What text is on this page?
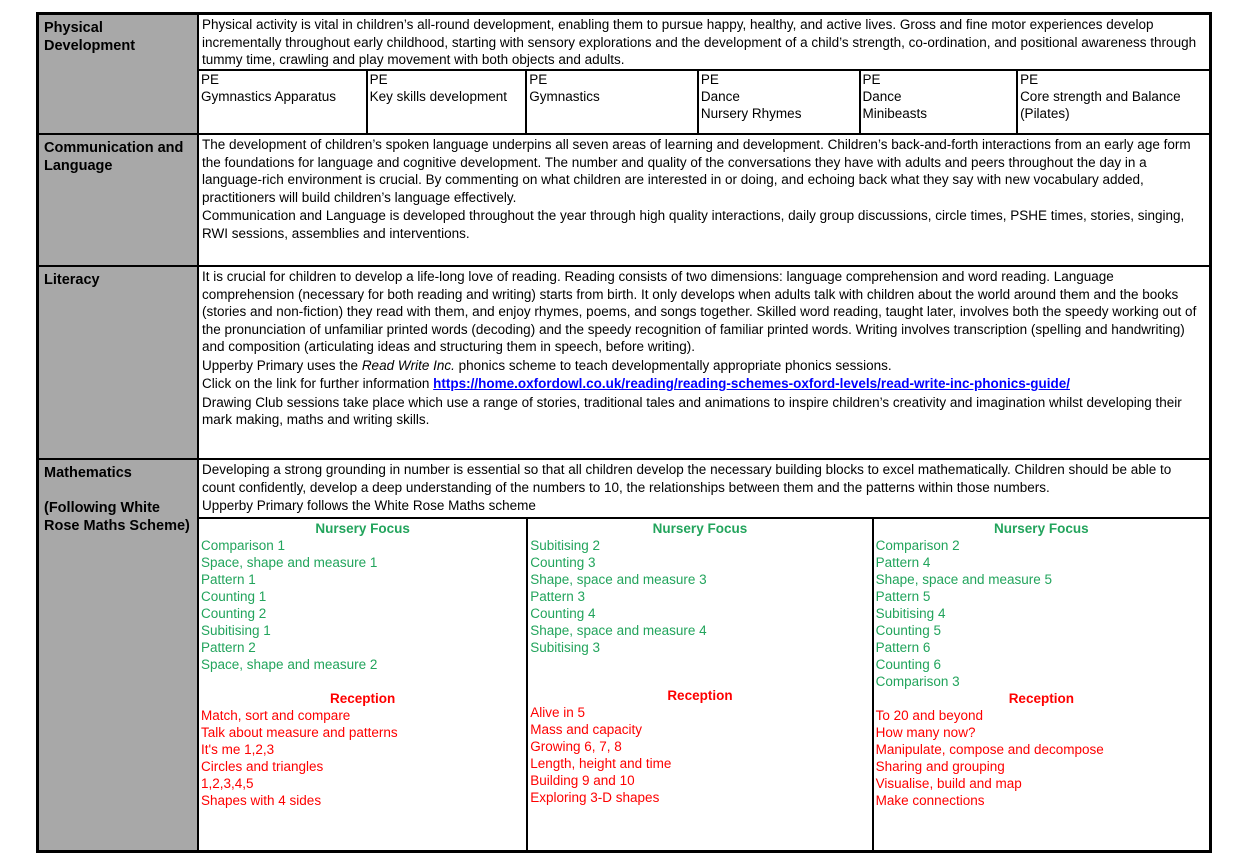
Physical Development
Physical activity is vital in children’s all-round development, enabling them to pursue happy, healthy, and active lives. Gross and fine motor experiences develop incrementally throughout early childhood, starting with sensory explorations and the development of a child’s strength, co-ordination, and positional awareness through tummy time, crawling and play movement with both objects and adults.
PE
Gymnastics Apparatus
PE
Key skills development
PE
Gymnastics
PE
Dance
Nursery Rhymes
PE
Dance
Minibeasts
PE
Core strength and Balance (Pilates)
Communication and Language
The development of children’s spoken language underpins all seven areas of learning and development. Children’s back-and-forth interactions from an early age form the foundations for language and cognitive development. The number and quality of the conversations they have with adults and peers throughout the day in a language-rich environment is crucial. By commenting on what children are interested in or doing, and echoing back what they say with new vocabulary added, practitioners will build children’s language effectively.
Communication and Language is developed throughout the year through high quality interactions, daily group discussions, circle times, PSHE times, stories, singing, RWI sessions, assemblies and interventions.
Literacy	It is crucial for children to develop a life-long love of reading. Reading consists of two dimensions: language comprehension and word reading. Language comprehension (necessary for both reading and writing) starts from birth. It only develops when adults talk with children about the world around them and the books (stories and non-fiction) they read with them, and enjoy rhymes, poems, and songs together. Skilled word reading, taught later, involves both the speedy working out of the pronunciation of unfamiliar printed words (decoding) and the speedy recognition of familiar printed words. Writing involves transcription (spelling and handwriting) and composition (articulating ideas and structuring them in speech, before writing).
Upperby Primary uses the Read Write Inc. phonics scheme to teach developmentally appropriate phonics sessions.
Click on the link for further information https://home.oxfordowl.co.uk/reading/reading-schemes-oxford-levels/read-write-inc-phonics-guide/
Drawing Club sessions take place which use a range of stories, traditional tales and animations to inspire children’s creativity and imagination whilst developing their mark making, maths and writing skills.
Mathematics
(Following White Rose Maths Scheme)
Developing a strong grounding in number is essential so that all children develop the necessary building blocks to excel mathematically. Children should be able to count confidently, develop a deep understanding of the numbers to 10, the relationships between them and the patterns within those numbers.
Upperby Primary follows the White Rose Maths scheme
Nursery Focus
Comparison 1
Space, shape and measure 1
Pattern 1
Counting 1
Counting 2
Subitising 1
Pattern 2
Space, shape and measure 2
Reception
Match, sort and compare
Talk about measure and patterns
It's me 1,2,3
Circles and triangles
1,2,3,4,5
Shapes with 4 sides
Nursery Focus
Subitising 2
Counting 3
Shape, space and measure 3
Pattern 3
Counting 4
Shape, space and measure 4
Subitising 3
Reception
Alive in 5
Mass and capacity
Growing 6, 7, 8
Length, height and time
Building 9 and 10
Exploring 3-D shapes
Nursery Focus
Comparison 2
Pattern 4
Shape, space and measure 5
Pattern 5
Subitising 4
Counting 5
Pattern 6
Counting 6
Comparison 3
Reception
To 20 and beyond
How many now?
Manipulate, compose and decompose
Sharing and grouping
Visualise, build and map
Make connections
